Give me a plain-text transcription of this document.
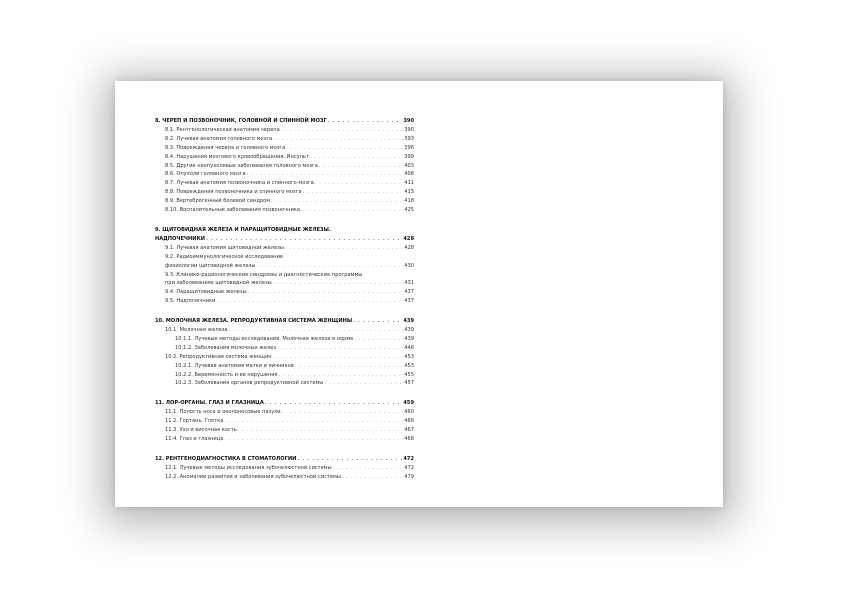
8. ЧЕРЕП И ПОЗВОНОЧНИК, ГОЛОВНОЙ И СПИННОЙ МОЗГ . . .	390
8.1. Рентгенологическая анатомия черепа . . .	390
8.2. Лучевая анатомия головного мозга . . .	393
8.3. Повреждения черепа и головного мозга . . .	396
8.4. Нарушения мозгового кровообращения. Инсульт . . .	399
8.5. Другие неопухолевые заболевания головного мозга . . .	403
8.6. Опухоли головного мозга . . .	406
8.7. Лучевая анатомия позвоночника и спинного мозга . . .	411
8.8. Повреждения позвоночника и спинного мозга . . .	415
8.9. Вертеброгенный болевой синдром . . .	418
8.10. Воспалительные заболевания позвоночника . . .	425
9. ЩИТОВИДНАЯ ЖЕЛЕЗА И ПАРАЩИТОВИДНЫЕ ЖЕЛЕЗЫ.
НАДПОЧЕЧНИКИ . . .	428
9.1. Лучевая анатомия щитовидной железы . . .	428
9.2. Радиоиммунологическое исследование
физиологии щитовидной железы . . .	430
9.3. Клинико-радиологические синдромы и диагностические программы
при заболеваниях щитовидной железы . . .	431
9.4. Паращитовидные железы . . .	437
9.5. Надпочечники . . .	437
10. МОЛОЧНАЯ ЖЕЛЕЗА. РЕПРОДУКТИВНАЯ СИСТЕМА ЖЕНЩИНЫ . . .	439
10.1. Молочная железа . . .	439
10.1.1. Лучевые методы исследования. Молочная железа в норме . . .	439
10.1.2. Заболевания молочных желез . . .	446
10.2. Репродуктивная система женщин . . .	453
10.2.1. Лучевая анатомия матки и яичников . . .	453
10.2.2. Беременность и ее нарушения . . .	455
10.2.3. Заболевания органов репродуктивной системы . . .	457
11. ЛОР-ОРГАНЫ. ГЛАЗ И ГЛАЗНИЦА . . .	459
11.1. Полость носа и околоносовые пазухи . . .	460
11.2. Гортань. Глотка . . .	466
11.3. Ухо и височная кость . . .	467
11.4. Глаз и глазница . . .	468
12. РЕНТГЕНОДИАГНОСТИКА В СТОМАТОЛОГИИ . . .	472
12.1. Лучевые методы исследования зубочелюстной системы . . .	472
12.2. Аномалии развития и заболевания зубочелюстной системы . . .	479
